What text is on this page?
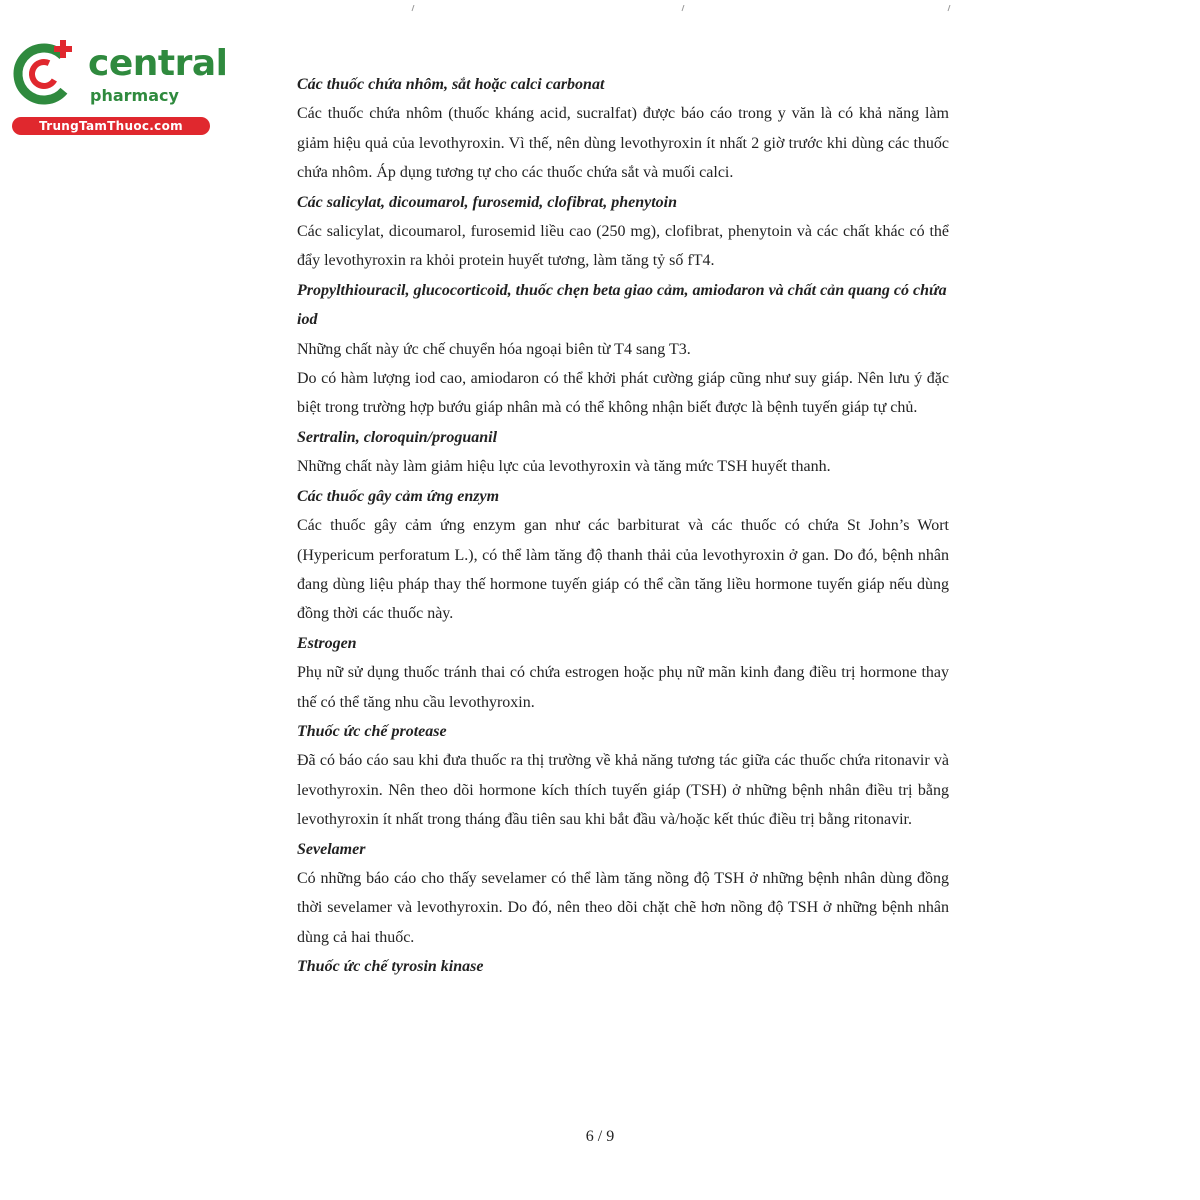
central
pharmacy
TrungTamThuoc.com

Các thuốc chứa nhôm, sắt hoặc calci carbonat

Các thuốc chứa nhôm (thuốc kháng acid, sucralfat) được báo cáo trong y văn là có khả năng làm giảm hiệu quả của levothyroxin. Vì thế, nên dùng levothyroxin ít nhất 2 giờ trước khi dùng các thuốc chứa nhôm. Áp dụng tương tự cho các thuốc chứa sắt và muối calci.

Các salicylat, dicoumarol, furosemid, clofibrat, phenytoin

Các salicylat, dicoumarol, furosemid liều cao (250 mg), clofibrat, phenytoin và các chất khác có thể đẩy levothyroxin ra khỏi protein huyết tương, làm tăng tỷ số fT4.

Propylthiouracil, glucocorticoid, thuốc chẹn beta giao cảm, amiodaron và chất cản quang có chứa iod

Những chất này ức chế chuyển hóa ngoại biên từ T4 sang T3.

Do có hàm lượng iod cao, amiodaron có thể khởi phát cường giáp cũng như suy giáp. Nên lưu ý đặc biệt trong trường hợp bướu giáp nhân mà có thể không nhận biết được là bệnh tuyến giáp tự chủ.

Sertralin, cloroquin/proguanil

Những chất này làm giảm hiệu lực của levothyroxin và tăng mức TSH huyết thanh.

Các thuốc gây cảm ứng enzym

Các thuốc gây cảm ứng enzym gan như các barbiturat và các thuốc có chứa St John’s Wort (Hypericum perforatum L.), có thể làm tăng độ thanh thải của levothyroxin ở gan. Do đó, bệnh nhân đang dùng liệu pháp thay thế hormone tuyến giáp có thể cần tăng liều hormone tuyến giáp nếu dùng đồng thời các thuốc này.

Estrogen

Phụ nữ sử dụng thuốc tránh thai có chứa estrogen hoặc phụ nữ mãn kinh đang điều trị hormone thay thế có thể tăng nhu cầu levothyroxin.

Thuốc ức chế protease

Đã có báo cáo sau khi đưa thuốc ra thị trường về khả năng tương tác giữa các thuốc chứa ritonavir và levothyroxin. Nên theo dõi hormone kích thích tuyến giáp (TSH) ở những bệnh nhân điều trị bằng levothyroxin ít nhất trong tháng đầu tiên sau khi bắt đầu và/hoặc kết thúc điều trị bằng ritonavir.

Sevelamer

Có những báo cáo cho thấy sevelamer có thể làm tăng nồng độ TSH ở những bệnh nhân dùng đồng thời sevelamer và levothyroxin. Do đó, nên theo dõi chặt chẽ hơn nồng độ TSH ở những bệnh nhân dùng cả hai thuốc.

Thuốc ức chế tyrosin kinase

6 / 9
